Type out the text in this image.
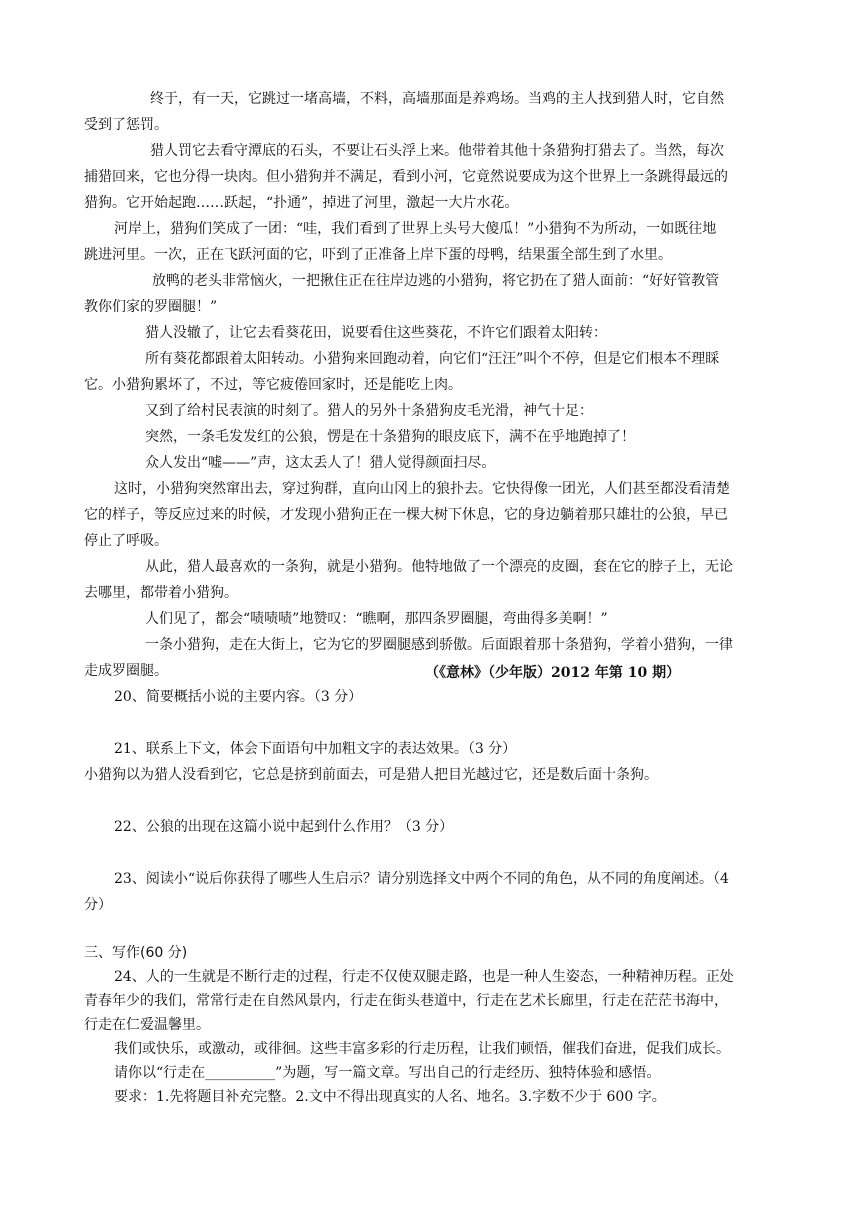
终于，有一天，它跳过一堵高墙，不料，高墙那面是养鸡场。当鸡的主人找到猎人时，它自然
受到了惩罚。
猎人罚它去看守潭底的石头，不要让石头浮上来。他带着其他十条猎狗打猎去了。当然，每次
捕猎回来，它也分得一块肉。但小猎狗并不满足，看到小河，它竟然说要成为这个世界上一条跳得最远的
猎狗。它开始起跑……跃起，“扑通”，掉进了河里，激起一大片水花。
河岸上，猎狗们笑成了一团：“哇，我们看到了世界上头号大傻瓜！”小猎狗不为所动，一如既往地
跳进河里。一次，正在飞跃河面的它，吓到了正准备上岸下蛋的母鸭，结果蛋全部生到了水里。
放鸭的老头非常恼火，一把揪住正在往岸边逃的小猎狗，将它扔在了猎人面前：“好好管教管
教你们家的罗圈腿！”
猎人没辙了，让它去看葵花田，说要看住这些葵花，不许它们跟着太阳转：
所有葵花都跟着太阳转动。小猎狗来回跑动着，向它们“汪汪”叫个不停，但是它们根本不理睬
它。小猎狗累坏了，不过，等它疲倦回家时，还是能吃上肉。
又到了给村民表演的时刻了。猎人的另外十条猎狗皮毛光滑，神气十足：
突然，一条毛发发红的公狼，愣是在十条猎狗的眼皮底下，满不在乎地跑掉了！
众人发出“嘘——”声，这太丢人了！猎人觉得颜面扫尽。
这时，小猎狗突然窜出去，穿过狗群，直向山冈上的狼扑去。它快得像一团光，人们甚至都没看清楚
它的样子，等反应过来的时候，才发现小猎狗正在一棵大树下休息，它的身边躺着那只雄壮的公狼，早已
停止了呼吸。
从此，猎人最喜欢的一条狗，就是小猎狗。他特地做了一个漂亮的皮圈，套在它的脖子上，无论
去哪里，都带着小猎狗。
人们见了，都会“啧啧啧”地赞叹：“瞧啊，那四条罗圈腿，弯曲得多美啊！”
一条小猎狗，走在大街上，它为它的罗圈腿感到骄傲。后面跟着那十条猎狗，学着小猎狗，一律
走成罗圈腿。	（《意林》（少年版）2012 年第 10 期）
20、简要概括小说的主要内容。（3 分）
21、联系上下文，体会下面语句中加粗文字的表达效果。（3 分）
小猎狗以为猎人没看到它，它总是挤到前面去，可是猎人把目光越过它，还是数后面十条狗。
22、公狼的出现在这篇小说中起到什么作用？（3 分）
23、阅读小“说后你获得了哪些人生启示？请分别选择文中两个不同的角色，从不同的角度阐述。（4
分）
三、写作(60 分)
24、人的一生就是不断行走的过程，行走不仅使双腿走路，也是一种人生姿态，一种精神历程。正处
青春年少的我们，常常行走在自然风景内，行走在街头巷道中，行走在艺术长廊里，行走在茫茫书海中，
行走在仁爱温馨里。
我们或快乐，或激动，或徘徊。这些丰富多彩的行走历程，让我们顿悟，催我们奋进，促我们成长。
请你以“行走在__________”为题，写一篇文章。写出自己的行走经历、独特体验和感悟。
要求：1.先将题目补充完整。2.文中不得出现真实的人名、地名。3.字数不少于 600 字。
